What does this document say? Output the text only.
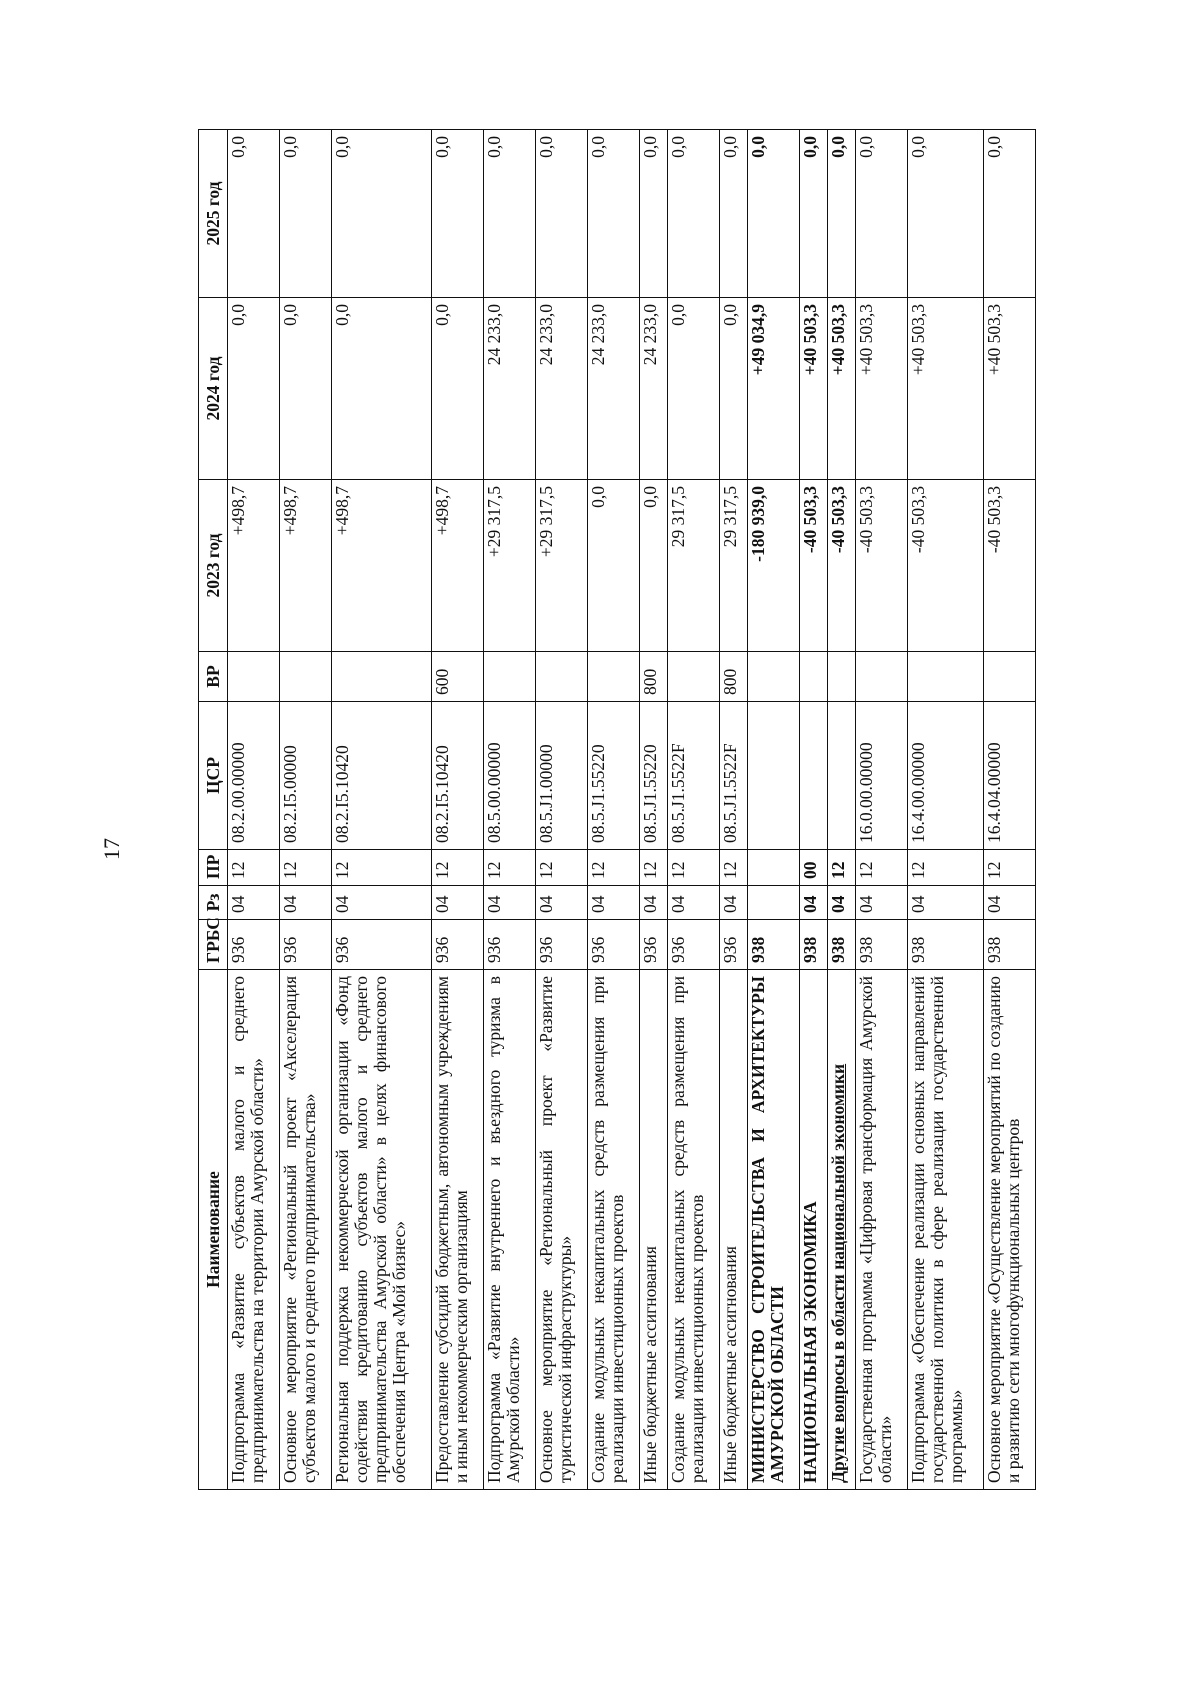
17
Наименование	ГРБС	Рз	ПР	ЦСР	ВР	2023 год	2024 год	2025 год
Подпрограмма «Развитие субъектов малого и среднего предпринимательства на территории Амурской области»	936	04	12	08.2.00.00000		+498,7	0,0	0,0
Основное мероприятие «Региональный проект «Акселерация субъектов малого и среднего предпринимательства»	936	04	12	08.2.I5.00000		+498,7	0,0	0,0
Региональная поддержка некоммерческой организации «Фонд содействия кредитованию субъектов малого и среднего предпринимательства Амурской области» в целях финансового обеспечения Центра «Мой бизнес»	936	04	12	08.2.I5.10420		+498,7	0,0	0,0
Предоставление субсидий бюджетным, автономным учреждениям и иным некоммерческим организациям	936	04	12	08.2.I5.10420	600	+498,7	0,0	0,0
Подпрограмма «Развитие внутреннего и въездного туризма в Амурской области»	936	04	12	08.5.00.00000		+29 317,5	24 233,0	0,0
Основное мероприятие «Региональный проект «Развитие туристической инфраструктуры»	936	04	12	08.5.J1.00000		+29 317,5	24 233,0	0,0
Создание модульных некапитальных средств размещения при реализации инвестиционных проектов	936	04	12	08.5.J1.55220		0,0	24 233,0	0,0
Иные бюджетные ассигнования	936	04	12	08.5.J1.55220	800	0,0	24 233,0	0,0
Создание модульных некапитальных средств размещения при реализации инвестиционных проектов	936	04	12	08.5.J1.5522F		29 317,5	0,0	0,0
Иные бюджетные ассигнования	936	04	12	08.5.J1.5522F	800	29 317,5	0,0	0,0
МИНИСТЕРСТВО СТРОИТЕЛЬСТВА И АРХИТЕКТУРЫ АМУРСКОЙ ОБЛАСТИ	938					-180 939,0	+49 034,9	0,0
НАЦИОНАЛЬНАЯ ЭКОНОМИКА	938	04	00			-40 503,3	+40 503,3	0,0
Другие вопросы в области национальной экономики	938	04	12			-40 503,3	+40 503,3	0,0
Государственная программа «Цифровая трансформация Амурской области»	938	04	12	16.0.00.00000		-40 503,3	+40 503,3	0,0
Подпрограмма «Обеспечение реализации основных направлений государственной политики в сфере реализации государственной программы»	938	04	12	16.4.00.00000		-40 503,3	+40 503,3	0,0
Основное мероприятие «Осуществление мероприятий по созданию и развитию сети многофункциональных центров	938	04	12	16.4.04.00000		-40 503,3	+40 503,3	0,0
